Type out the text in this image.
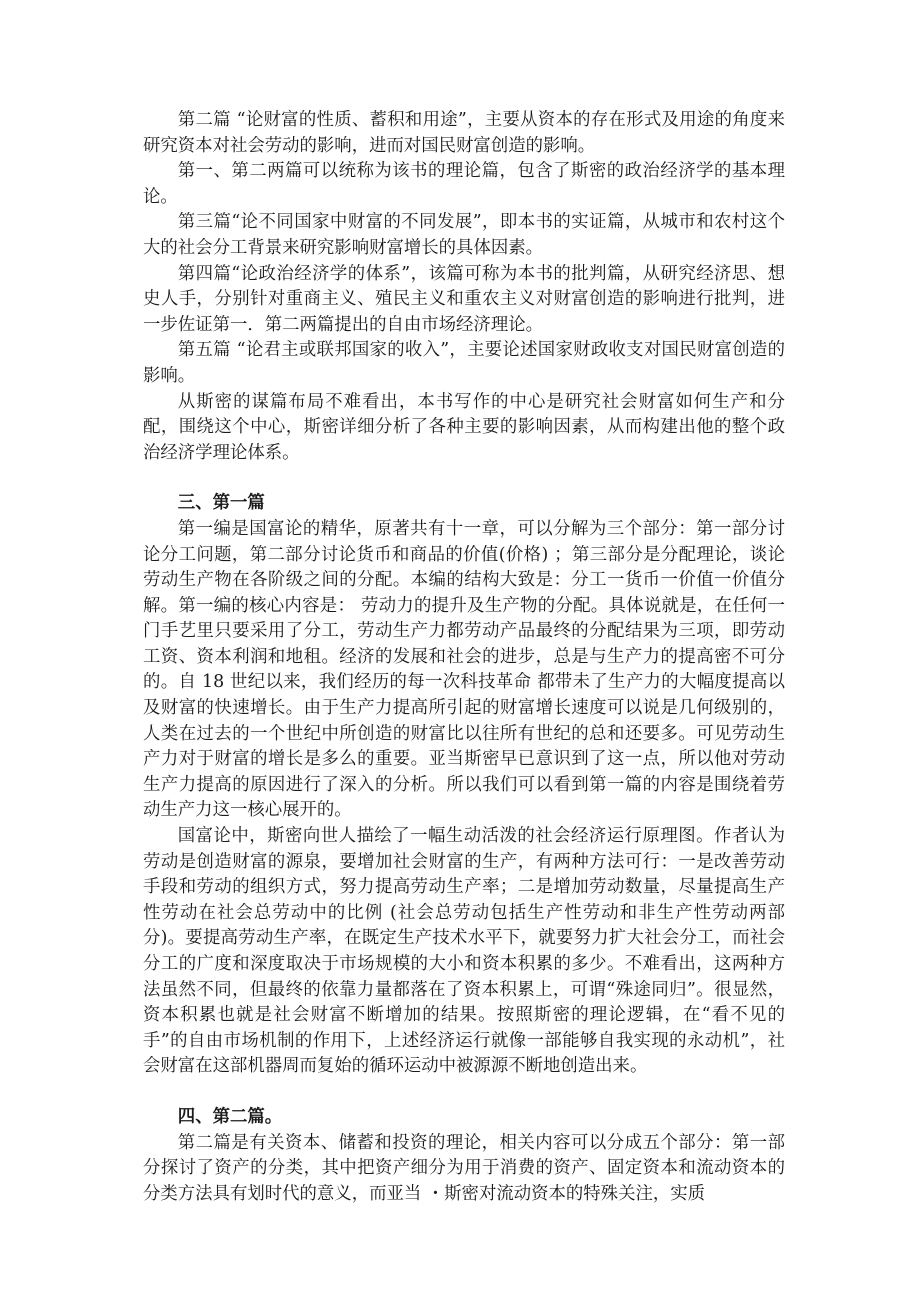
第二篇 “论财富的性质、蓄积和用途”，主要从资本的存在形式及用途的角度来研究资本对社会劳动的影响，进而对国民财富创造的影响。

第一、第二两篇可以统称为该书的理论篇，包含了斯密的政治经济学的基本理论。

第三篇“论不同国家中财富的不同发展”，即本书的实证篇，从城市和农村这个大的社会分工背景来研究影响财富增长的具体因素。

第四篇“论政治经济学的体系”，该篇可称为本书的批判篇，从研究经济思、想史人手，分别针对重商主义、殖民主义和重农主义对财富创造的影响进行批判，进一步佐证第一．第二两篇提出的自由市场经济理论。

第五篇 “论君主或联邦国家的收入”，主要论述国家财政收支对国民财富创造的影响。

从斯密的谋篇布局不难看出，本书写作的中心是研究社会财富如何生产和分配，围绕这个中心，斯密详细分析了各种主要的影响因素，从而构建出他的整个政治经济学理论体系。

三、第一篇

第一编是国富论的精华，原著共有十一章，可以分解为三个部分：第一部分讨论分工问题，第二部分讨论货币和商品的价值(价格) ；第三部分是分配理论，谈论劳动生产物在各阶级之间的分配。本编的结构大致是：分工一货币一价值一价值分解。第一编的核心内容是： 劳动力的提升及生产物的分配。具体说就是，在任何一门手艺里只要采用了分工，劳动生产力都劳动产品最终的分配结果为三项，即劳动工资、资本利润和地租。经济的发展和社会的进步，总是与生产力的提高密不可分的。自 18 世纪以来，我们经历的每一次科技革命 都带未了生产力的大幅度提高以及财富的快速增长。由于生产力提高所引起的财富增长速度可以说是几何级别的，人类在过去的一个世纪中所创造的财富比以往所有世纪的总和还要多。可见劳动生产力对于财富的增长是多么的重要。亚当斯密早已意识到了这一点，所以他对劳动生产力提高的原因进行了深入的分析。所以我们可以看到第一篇的内容是围绕着劳动生产力这一核心展开的。

国富论中，斯密向世人描绘了一幅生动活泼的社会经济运行原理图。作者认为劳动是创造财富的源泉，要增加社会财富的生产，有两种方法可行：一是改善劳动手段和劳动的组织方式，努力提高劳动生产率；二是增加劳动数量，尽量提高生产性劳动在社会总劳动中的比例 (社会总劳动包括生产性劳动和非生产性劳动两部分)。要提高劳动生产率，在既定生产技术水平下，就要努力扩大社会分工，而社会分工的广度和深度取决于市场规模的大小和资本积累的多少。不难看出，这两种方法虽然不同，但最终的依靠力量都落在了资本积累上，可谓“殊途同归”。很显然，资本积累也就是社会财富不断增加的结果。按照斯密的理论逻辑，在“看不见的手”的自由市场机制的作用下，上述经济运行就像一部能够自我实现的永动机”，社会财富在这部机器周而复始的循环运动中被源源不断地创造出来。

四、第二篇。

第二篇是有关资本、储蓄和投资的理论，相关内容可以分成五个部分：第一部分探讨了资产的分类，其中把资产细分为用于消费的资产、固定资本和流动资本的分类方法具有划时代的意义，而亚当 ・斯密对流动资本的特殊关注，实质
